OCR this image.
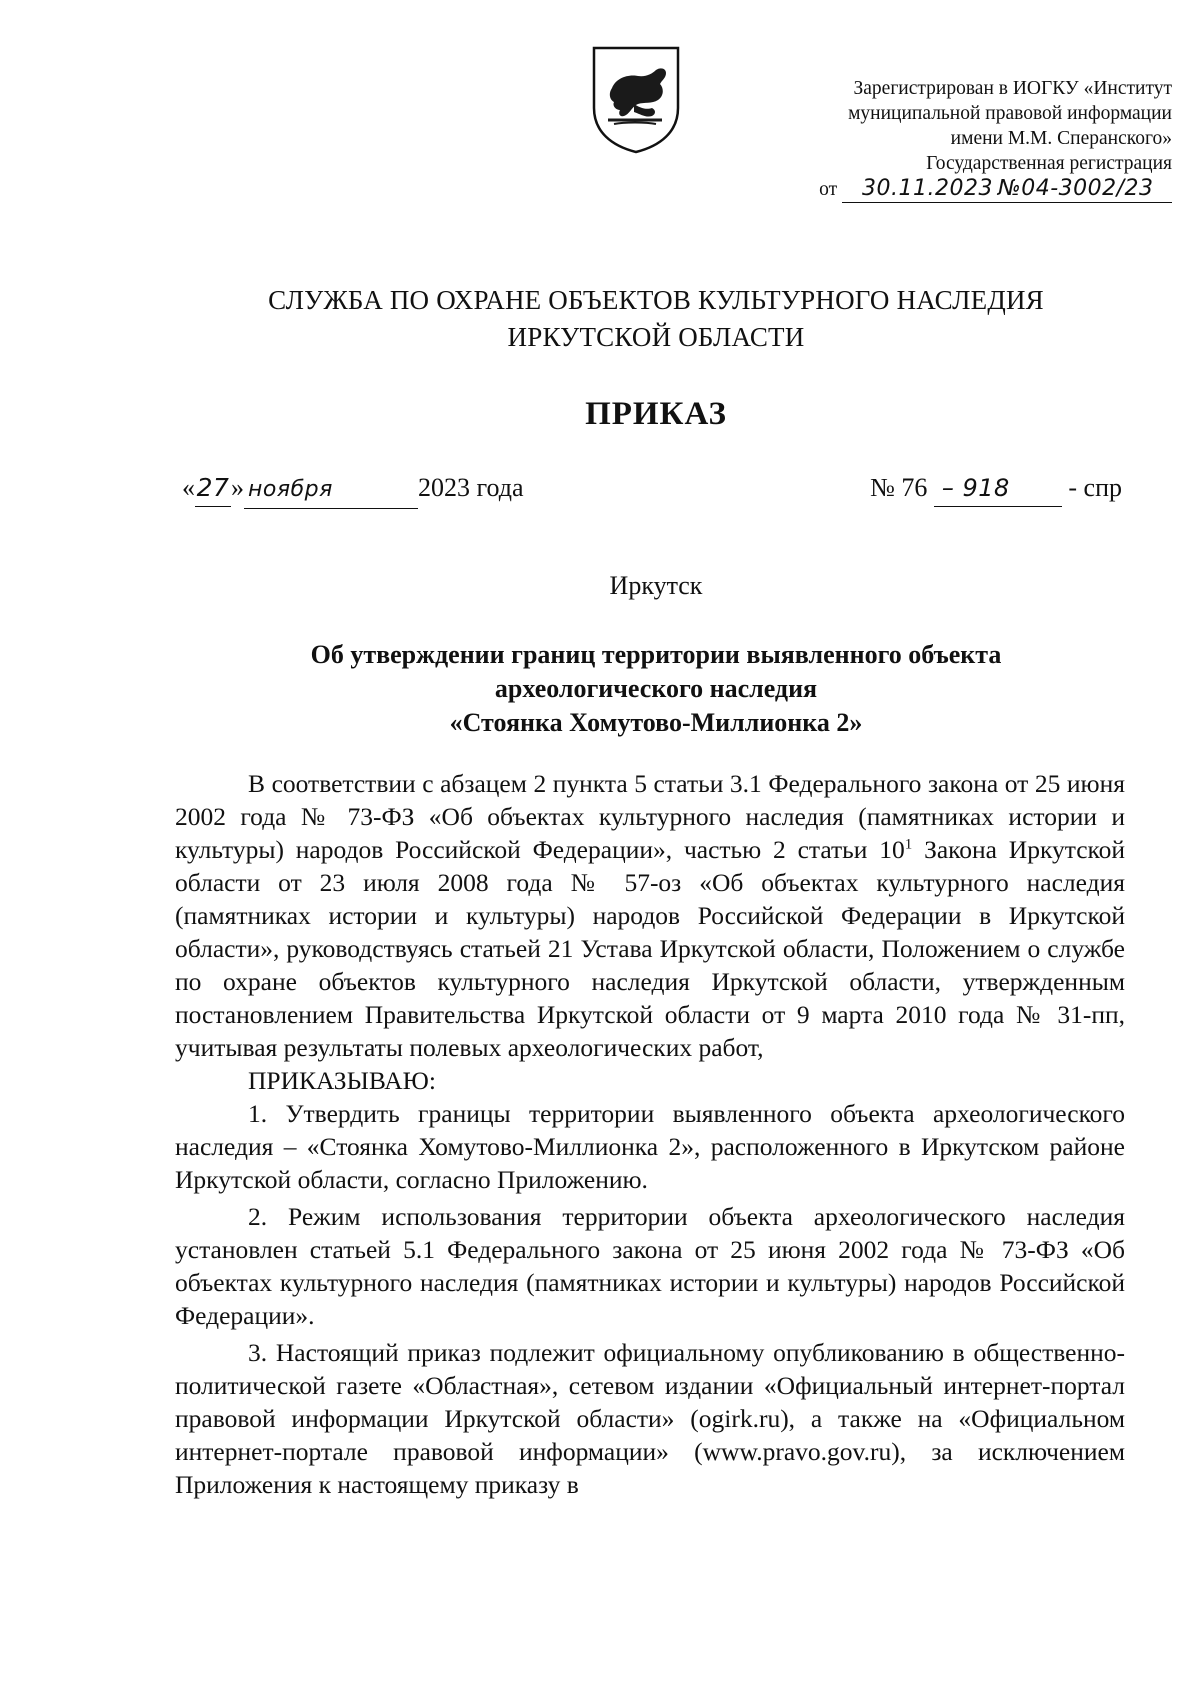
Зарегистрирован в ИОГКУ «Институт
муниципальной правовой информации
имени М.М. Сперанского»
Государственная регистрация
от 30.11.2023 №04-3002/23
СЛУЖБА ПО ОХРАНЕ ОБЪЕКТОВ КУЛЬТУРНОГО НАСЛЕДИЯ
ИРКУТСКОЙ ОБЛАСТИ
ПРИКАЗ
«27» ноября	2023 года	№ 76 – 918 - спр
Иркутск
Об утверждении границ территории выявленного объекта
археологического наследия
«Стоянка Хомутово-Миллионка 2»

В соответствии с абзацем 2 пункта 5 статьи 3.1 Федерального закона от 25 июня 2002 года № 73-ФЗ «Об объектах культурного наследия (памятниках истории и культуры) народов Российской Федерации», частью 2 статьи $10^1$ Закона Иркутской области от 23 июля 2008 года № 57-оз «Об объектах культурного наследия (памятниках истории и культуры) народов Российской Федерации в Иркутской области», руководствуясь статьей 21 Устава Иркутской области, Положением о службе по охране объектов культурного наследия Иркутской области, утвержденным постановлением Правительства Иркутской области от 9 марта 2010 года № 31-пп, учитывая результаты полевых археологических работ,

ПРИКАЗЫВАЮ:

1. Утвердить границы территории выявленного объекта археологического наследия – «Стоянка Хомутово-Миллионка 2», расположенного в Иркутском районе Иркутской области, согласно Приложению.

2. Режим использования территории объекта археологического наследия установлен статьей 5.1 Федерального закона от 25 июня 2002 года № 73-ФЗ «Об объектах культурного наследия (памятниках истории и культуры) народов Российской Федерации».

3. Настоящий приказ подлежит официальному опубликованию в общественно-политической газете «Областная», сетевом издании «Официальный интернет-портал правовой информации Иркутской области» (ogirk.ru), а также на «Официальном интернет-портале правовой информации» (www.pravo.gov.ru), за исключением Приложения к настоящему приказу в
